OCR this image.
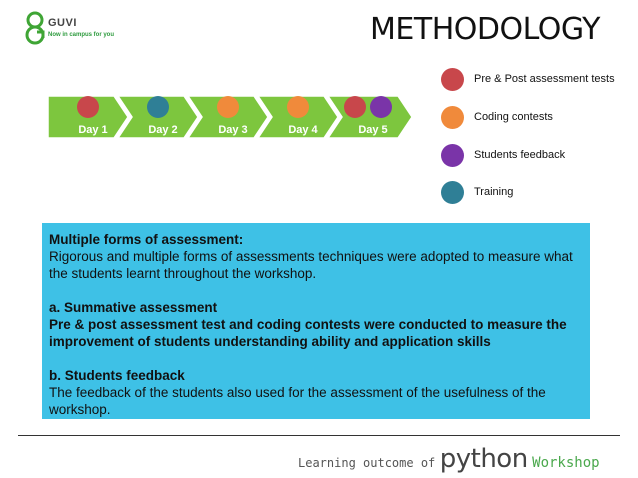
GUVI
Now in campus for you	METHODOLOGY
Day 1	Day 2	Day 3	Day 4	Day 5
Pre & Post assessment tests
Coding contests
Students feedback
Training

Multiple forms of assessment:

Rigorous and multiple forms of assessments techniques were adopted to measure what the students learnt throughout the workshop.

a. Summative assessment

Pre & post assessment test and coding contests were conducted to measure the improvement of students understanding ability and application skills

b. Students feedback

The feedback of the students also used for the assessment of the usefulness of the workshop.

Learning outcome of python Workshop
